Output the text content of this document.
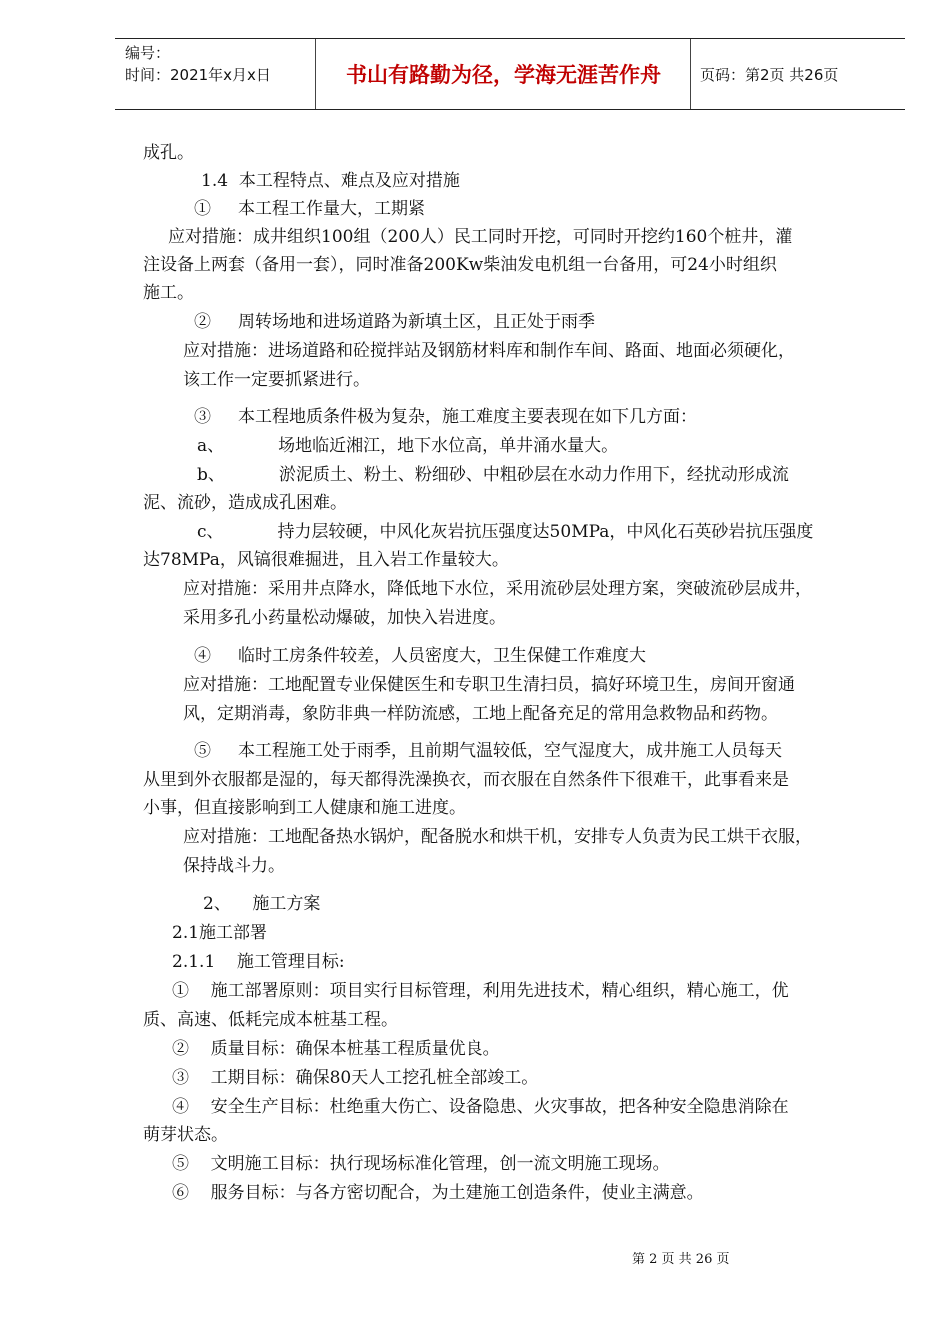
编号：
时间：2021年x月x日	书山有路勤为径，学海无涯苦作舟	页码：第2页 共26页
成孔。
1.4  本工程特点、难点及应对措施
①     本工程工作量大，工期紧
应对措施：成井组织100组（200人）民工同时开挖，可同时开挖约160个桩井，灌
注设备上两套（备用一套），同时准备200Kw柴油发电机组一台备用，可24小时组织
施工。
②     周转场地和进场道路为新填土区，且正处于雨季
应对措施：进场道路和砼搅拌站及钢筋材料库和制作车间、路面、地面必须硬化，
该工作一定要抓紧进行。
③     本工程地质条件极为复杂，施工难度主要表现在如下几方面：
a、          场地临近湘江，地下水位高，单井涌水量大。
b、          淤泥质土、粉土、粉细砂、中粗砂层在水动力作用下，经扰动形成流
泥、流砂，造成成孔困难。
c、          持力层较硬，中风化灰岩抗压强度达50MPa，中风化石英砂岩抗压强度
达78MPa，风镐很难掘进，且入岩工作量较大。
应对措施：采用井点降水，降低地下水位，采用流砂层处理方案，突破流砂层成井，
采用多孔小药量松动爆破，加快入岩进度。
④     临时工房条件较差，人员密度大，卫生保健工作难度大
应对措施：工地配置专业保健医生和专职卫生清扫员，搞好环境卫生，房间开窗通
风，定期消毒，象防非典一样防流感，工地上配备充足的常用急救物品和药物。
⑤     本工程施工处于雨季，且前期气温较低，空气湿度大，成井施工人员每天
从里到外衣服都是湿的，每天都得洗澡换衣，而衣服在自然条件下很难干，此事看来是
小事，但直接影响到工人健康和施工进度。
应对措施：工地配备热水锅炉，配备脱水和烘干机，安排专人负责为民工烘干衣服，
保持战斗力。
2、    施工方案
2.1施工部署
2.1.1    施工管理目标:
①    施工部署原则：项目实行目标管理，利用先进技术，精心组织，精心施工，优
质、高速、低耗完成本桩基工程。
②    质量目标：确保本桩基工程质量优良。
③    工期目标：确保80天人工挖孔桩全部竣工。
④    安全生产目标：杜绝重大伤亡、设备隐患、火灾事故，把各种安全隐患消除在
萌芽状态。
⑤    文明施工目标：执行现场标准化管理，创一流文明施工现场。
⑥    服务目标：与各方密切配合，为土建施工创造条件，使业主满意。
第 2 页 共 26 页
